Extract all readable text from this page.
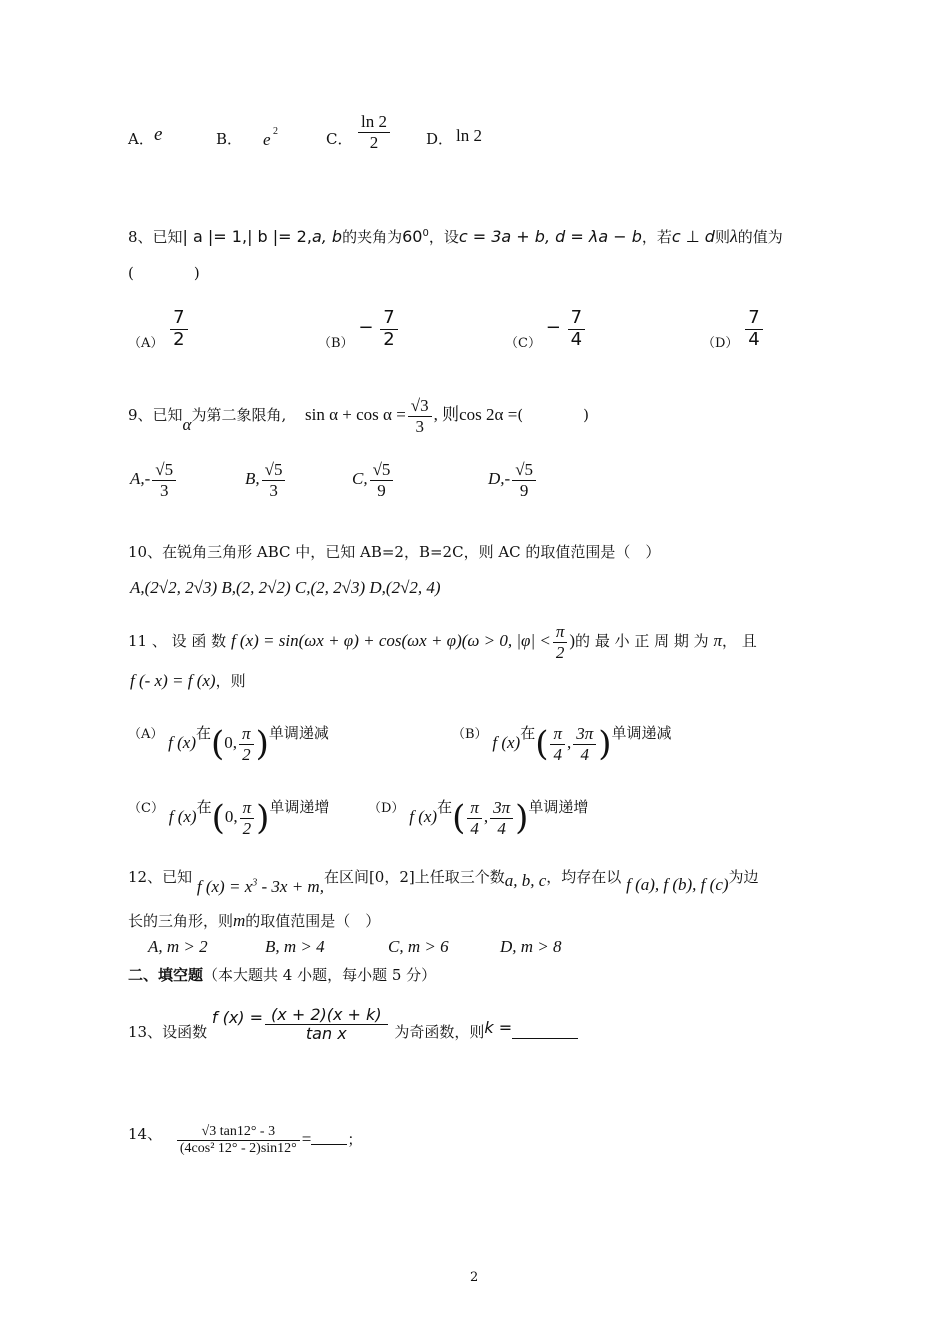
A． e	B． e 2	C． $\frac{\ln 2}{2}$ D． ln 2
8、已知| a |= 1,| b |= 2,a, b的夹角为$60^0$，设c = 3a + b, d = λa − b，若c ⊥ d则λ的值为
(　　　　)
$(A) \frac{7}{2}$	$(B) - \frac{7}{2}$	$(C) - \frac{7}{4}$	$(D) \frac{7}{4}$
9、已知α为第二象限角, $\sin \alpha + \cos \alpha = \frac{√3}{3}$ , 则cos 2α =(　　　　)
$A,- \frac{√5}{3}$	B, $\frac{√5}{3}$	C, $\frac{√5}{9}$	$D,- \frac{√5}{9}$
10、在锐角三角形 ABC 中，已知 AB=2，B=2C，则 AC 的取值范围是（　）
A,(2√2, 2√3) B,(2, 2√2) C,(2, 2√3) D,(2√2, 4)
11 、 设 函 数 f (x) = sin(ωx + φ) + cos(ωx + φ)(ω > 0, $|\varphi| < \frac{\pi}{2}$ )的 最 小 正 周 期 为 π， 且
f (- x) = f (x)，则
（A） f (x)在(0, $\frac{\pi}{2}$ )单调递减	（B） f (x)在( $\frac{\pi}{4}$ , $\frac{3\pi}{4}$ )单调递减
（C） f (x)在(0, $\frac{\pi}{2}$ )单调递增	（D） f (x)在( $\frac{\pi}{4}$ , $\frac{3\pi}{4}$ )单调递增
12、已知 f $(x) = x^3 - 3x + m$,在区间[0，2]上任取三个数a, b, c，均存在以 f (a), f (b), f (c)为边
长的三角形，则m的取值范围是（　）
A, m > 2	B, m > 4	C, m > 6	D, m > 8
二、填空题（本大题共 4 小题，每小题 5 分）
13、设函数 f $(x) = \frac{(x + 2)(x + k)}{\text{tan x}}$ 为奇函数，则k =
14、 $\frac{√3 \tan 12^\circ - 3}{\text{(4cos² 12° - 2)sin12°}}$ = ；
2
